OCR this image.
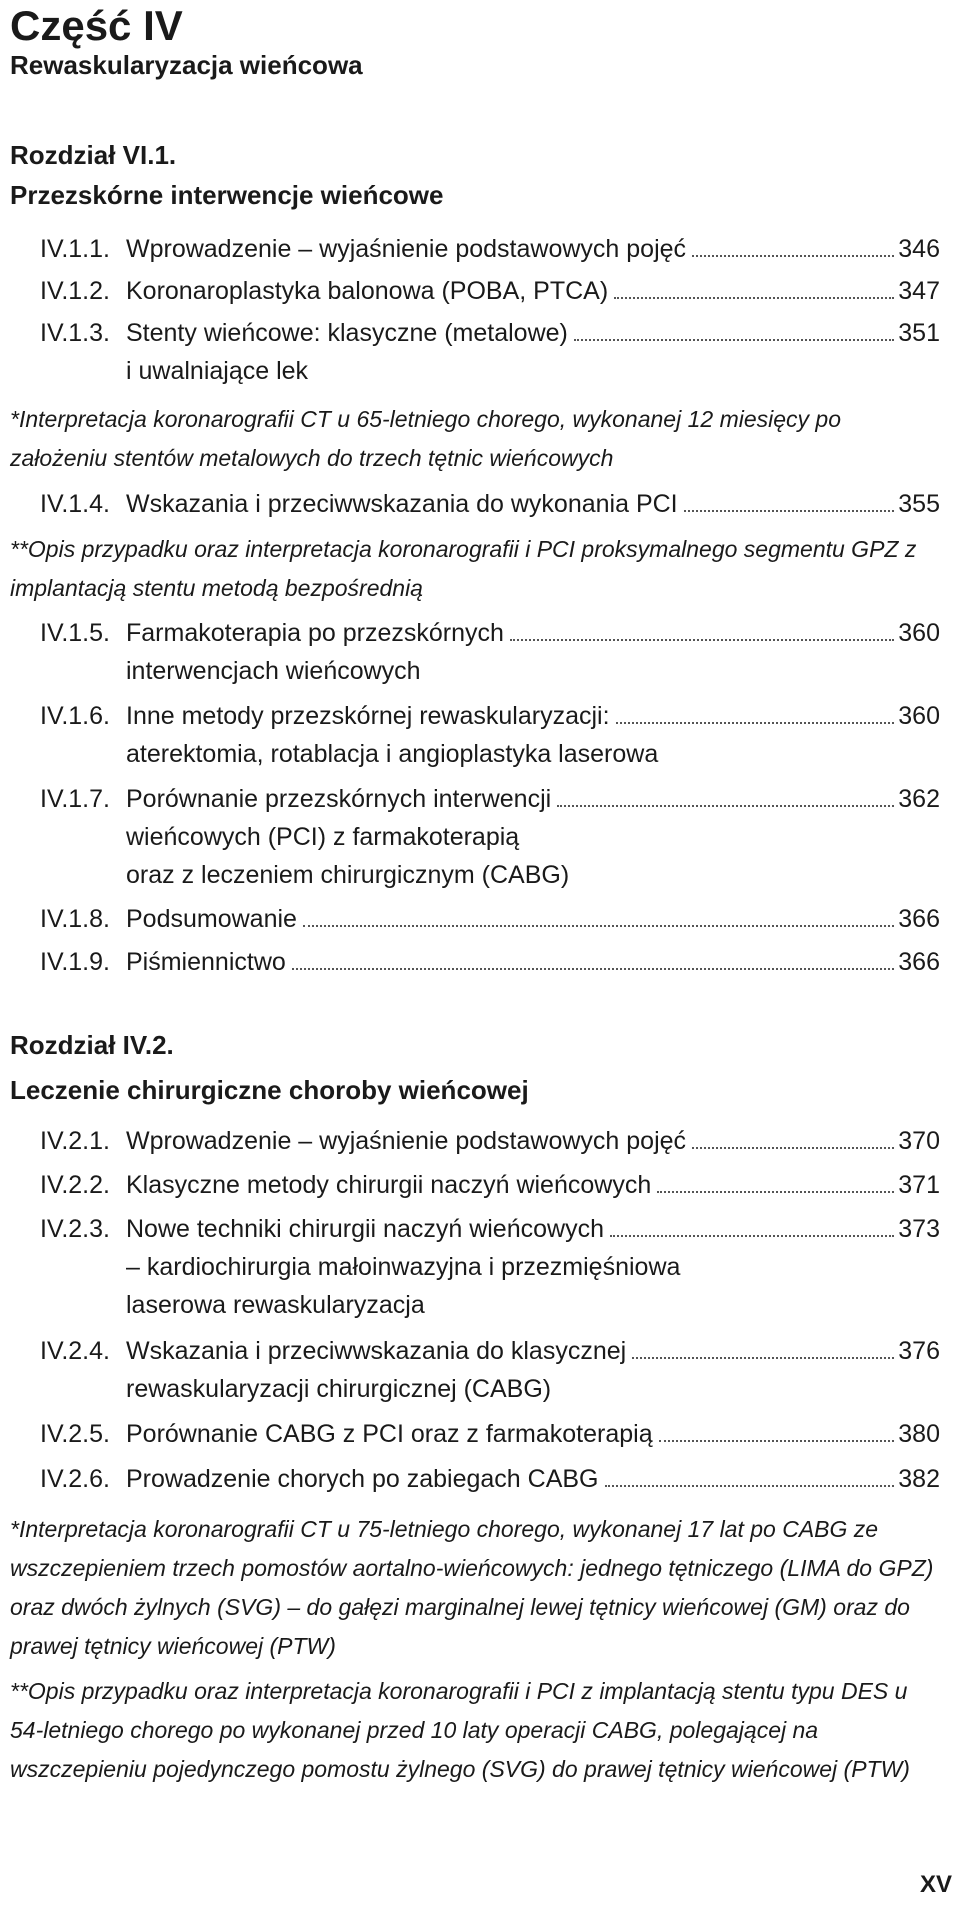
Część IV
Rewaskularyzacja wieńcowa
Rozdział VI.1.
Przezskórne interwencje wieńcowe
IV.1.1. Wprowadzenie – wyjaśnienie podstawowych pojęć	346
IV.1.2. Koronaroplastyka balonowa (POBA, PTCA)	347
IV.1.3. Stenty wieńcowe: klasyczne (metalowe)	351
i uwalniające lek
*Interpretacja koronarografii CT u 65-letniego chorego, wykonanej 12 miesięcy po założeniu stentów metalowych do trzech tętnic wieńcowych
IV.1.4. Wskazania i przeciwwskazania do wykonania PCI	355
**Opis przypadku oraz interpretacja koronarografii i PCI proksymalnego segmentu GPZ z implantacją stentu metodą bezpośrednią
IV.1.5. Farmakoterapia po przezskórnych	360
interwencjach wieńcowych
IV.1.6. Inne metody przezskórnej rewaskularyzacji:	360
aterektomia, rotablacja i angioplastyka laserowa
IV.1.7. Porównanie przezskórnych interwencji	362
wieńcowych (PCI) z farmakoterapią
oraz z leczeniem chirurgicznym (CABG)
IV.1.8. Podsumowanie	366
IV.1.9. Piśmiennictwo	366
Rozdział IV.2.
Leczenie chirurgiczne choroby wieńcowej
IV.2.1. Wprowadzenie – wyjaśnienie podstawowych pojęć	370
IV.2.2. Klasyczne metody chirurgii naczyń wieńcowych	371
IV.2.3. Nowe techniki chirurgii naczyń wieńcowych	373
– kardiochirurgia małoinwazyjna i przezmięśniowa
laserowa rewaskularyzacja
IV.2.4. Wskazania i przeciwwskazania do klasycznej	376
rewaskularyzacji chirurgicznej (CABG)
IV.2.5. Porównanie CABG z PCI oraz z farmakoterapią	380
IV.2.6. Prowadzenie chorych po zabiegach CABG	382
*Interpretacja koronarografii CT u 75-letniego chorego, wykonanej 17 lat po CABG ze wszczepieniem trzech pomostów aortalno-wieńcowych: jednego tętniczego (LIMA do GPZ) oraz dwóch żylnych (SVG) – do gałęzi marginalnej lewej tętnicy wieńcowej (GM) oraz do prawej tętnicy wieńcowej (PTW)
**Opis przypadku oraz interpretacja koronarografii i PCI z implantacją stentu typu DES u 54-letniego chorego po wykonanej przed 10 laty operacji CABG, polegającej na wszczepieniu pojedynczego pomostu żylnego (SVG) do prawej tętnicy wieńcowej (PTW)
XV
